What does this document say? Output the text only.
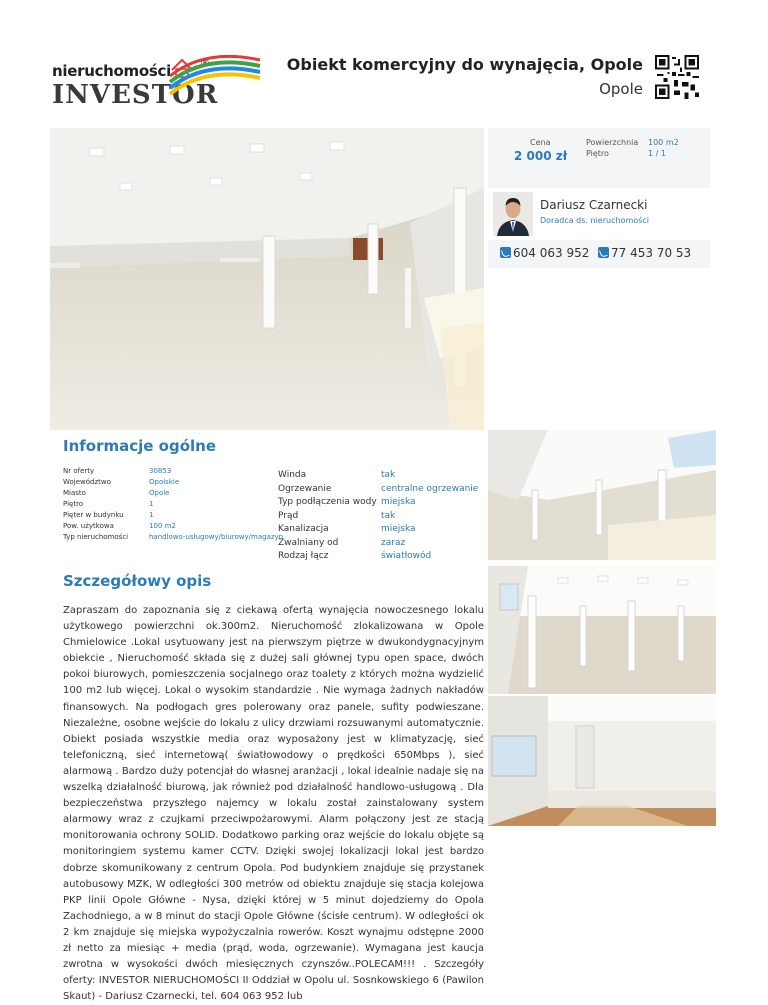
nieruchomości	®
INVESTOR
Obiekt komercyjny do wynajęcia, Opole
Opole
Cena
2 000 zł
Powierzchnia 100 m2
Piętro	1 / 1
Dariusz Czarnecki
Doradca ds. nieruchomości
604 063 952	77 453 70 53
Informacje ogólne
Nr oferty	30853
Województwo	Opolskie
Miasto	Opole
Piętro	1
Pięter w budynku	1
Pow. użytkowa	100 m2
Typ nieruchomości	handlowo-usługowy/biurowy/magazyn
Winda	tak
Ogrzewanie	centralne ogrzewanie
Typ podłączenia wody miejska
Prąd	tak
Kanalizacja	miejska
Zwalniany od	zaraz
Rodzaj łącz	światłowód
Szczegółowy opis
Zapraszam do zapoznania się z ciekawą ofertą wynajęcia nowoczesnego lokalu użytkowego powierzchni ok.300m2. Nieruchomość zlokalizowana w Opole Chmielowice .Lokal usytuowany jest na pierwszym piętrze w dwukondygnacyjnym obiekcie , Nieruchomość składa się z dużej sali głównej typu open space, dwóch pokoi biurowych, pomieszczenia socjalnego oraz toalety z których można wydzielić 100 m2 lub więcej. Lokal o wysokim standardzie . Nie wymaga żadnych nakładów finansowych. Na podłogach gres polerowany oraz panele, sufity podwieszane. Niezależne, osobne wejście do lokalu z ulicy drzwiami rozsuwanymi automatycznie. Obiekt posiada wszystkie media oraz wyposażony jest w klimatyzację, sieć telefoniczną, sieć internetową( światłowodowy o prędkości 650Mbps ), sieć alarmową . Bardzo duży potencjał do własnej aranżacji , lokal idealnie nadaje się na wszelką działalność biurową, jak również pod działalność handlowo-usługową . Dla bezpieczeństwa przyszłego najemcy w lokalu został zainstalowany system alarmowy wraz z czujkami przeciwpożarowymi. Alarm połączony jest ze stacją monitorowania ochrony SOLID. Dodatkowo parking oraz wejście do lokalu objęte są monitoringiem systemu kamer CCTV. Dzięki swojej lokalizacji lokal jest bardzo dobrze skomunikowany z centrum Opola. Pod budynkiem znajduje się przystanek autobusowy MZK, W odległości 300 metrów od obiektu znajduje się stacja kolejowa PKP linii Opole Główne - Nysa, dzięki której w 5 minut dojedziemy do Opola Zachodniego, a w 8 minut do stacji Opole Główne (ścisłe centrum). W odległości ok 2 km znajduje się miejska wypożyczalnia rowerów. Koszt wynajmu odstępne 2000 zł netto za miesiąc + media (prąd, woda, ogrzewanie). Wymagana jest kaucja zwrotna w wysokości dwóch miesięcznych czynszów..POLECAM!!! . Szczegóły oferty: INVESTOR NIERUCHOMOŚCI II Oddział w Opolu ul. Sosnkowskiego 6 (Pawilon Skaut) - Dariusz Czarnecki, tel. 604 063 952 lub
